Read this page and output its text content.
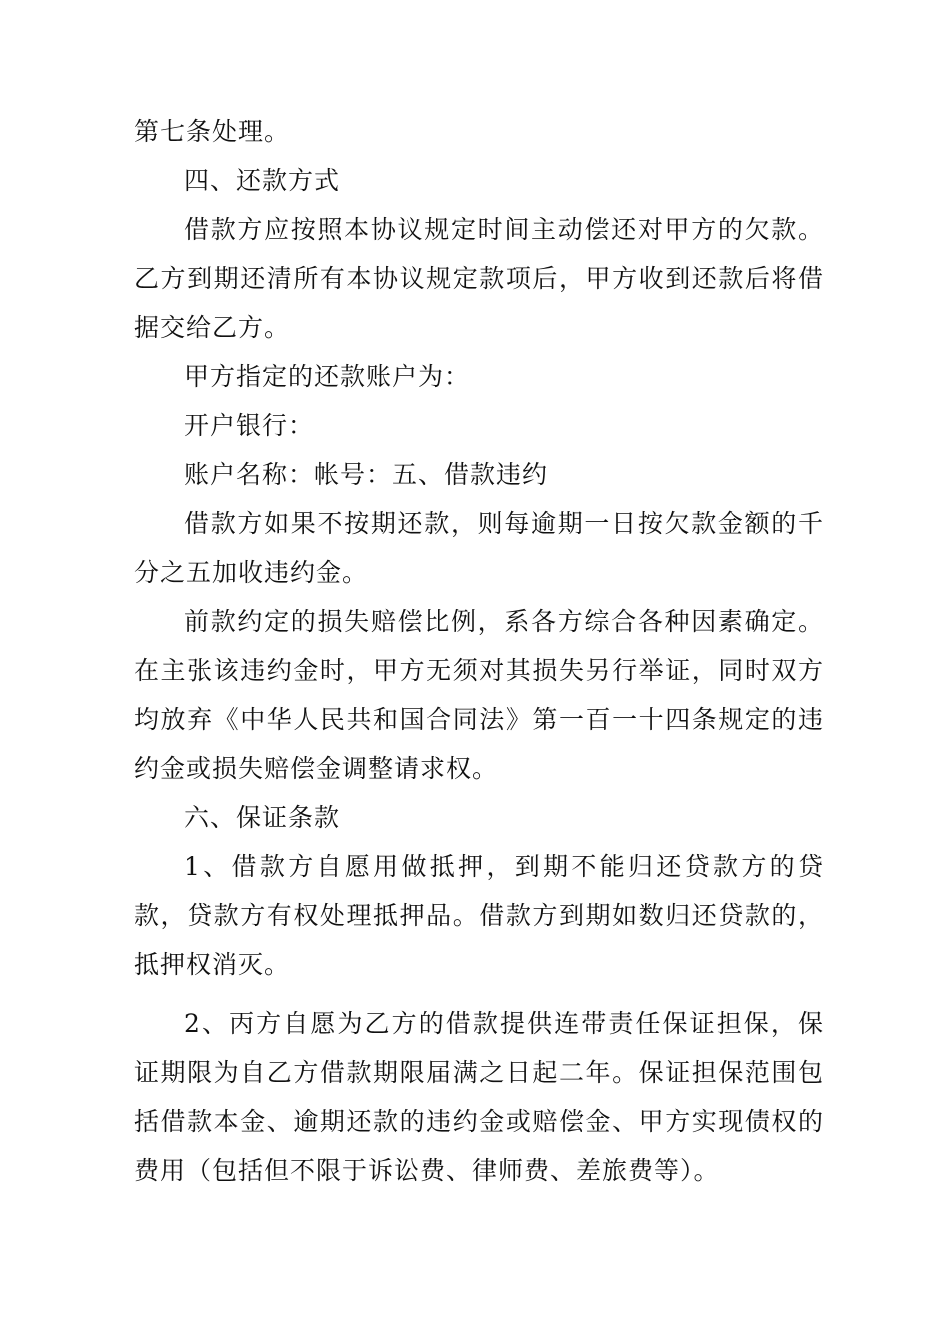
第七条处理。

四、还款方式

借款方应按照本协议规定时间主动偿还对甲方的欠款。乙方到期还清所有本协议规定款项后，甲方收到还款后将借据交给乙方。

甲方指定的还款账户为：

开户银行：

账户名称：帐号：五、借款违约

借款方如果不按期还款，则每逾期一日按欠款金额的千分之五加收违约金。

前款约定的损失赔偿比例，系各方综合各种因素确定。在主张该违约金时，甲方无须对其损失另行举证，同时双方均放弃《中华人民共和国合同法》第一百一十四条规定的违约金或损失赔偿金调整请求权。

六、保证条款

1、借款方自愿用做抵押，到期不能归还贷款方的贷款，贷款方有权处理抵押品。借款方到期如数归还贷款的，抵押权消灭。

2、丙方自愿为乙方的借款提供连带责任保证担保，保证期限为自乙方借款期限届满之日起二年。保证担保范围包括借款本金、逾期还款的违约金或赔偿金、甲方实现债权的费用（包括但不限于诉讼费、律师费、差旅费等）。
